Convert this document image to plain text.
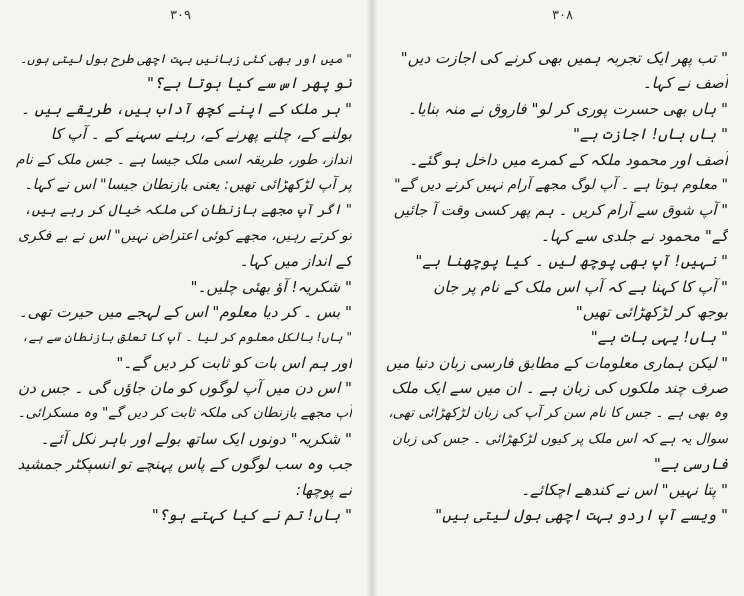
۳۰۹
" میں اور بھی کئی زبانیں بہت اچھی طرح بول لیتی ہوں۔
تو پھر اس سے کیا ہوتا ہے؟"
" ہر ملک کے اپنے کچھ آداب ہیں، طریقے ہیں ۔
بولنے کے، چلنے پھرنے کے، رہنے سہنے کے ۔ آپ کا
انداز، طور، طریقہ اسی ملک جیسا ہے ۔ جس ملک کے نام
پر آپ لڑکھڑائی تھیں: یعنی بازنطان جیسا" اس نے کہا۔
" اگر آپ مجھے بازنطان کی ملکہ خیال کر رہے ہیں،
تو کرتے رہیں، مجھے کوئی اعتراض نہیں" اس نے بے فکری
کے انداز میں کہا۔
" شکریہ! آؤ بھئی چلیں۔"
" بس ۔ کر دیا معلوم" اس کے لہجے میں حیرت تھی۔
" ہاں! بالکل معلوم کر لیا ۔ آپ کا تعلق بازنطان سے ہے،
اور ہم اس بات کو ثابت کر دیں گے۔"
" اس دن میں آپ لوگوں کو مان جاؤں گی ۔ جس دن
آپ مجھے بازنطان کی ملکہ ثابت کر دیں گے" وہ مسکرائی۔
" شکریہ" دونوں ایک ساتھ بولے اور باہر نکل آئے۔
جب وہ سب لوگوں کے پاس پہنچے تو انسپکٹر جمشید
نے پوچھا:
" ہاں! تم نے کیا کہتے ہو؟"
۳۰۸
" تب پھر ایک تجربہ ہمیں بھی کرنے کی اجازت دیں"
آصف نے کہا۔
" ہاں بھی حسرت پوری کر لو" فاروق نے منہ بنایا۔
" ہاں ہاں! اجازت ہے"
آصف اور محمود ملکہ کے کمرے میں داخل ہو گئے۔
" معلوم ہوتا ہے ۔ آپ لوگ مجھے آرام نہیں کرنے دیں گے"
" آپ شوق سے آرام کریں ۔ ہم پھر کسی وقت آ جائیں
گے" محمود نے جلدی سے کہا۔
" نہیں! آپ بھی پوچھ لیں ۔ کیا پوچھنا ہے"
" آپ کا کہنا ہے کہ آپ اس ملک کے نام پر جان
بوجھ کر لڑکھڑائی تھیں"
" ہاں! یہی بات ہے"
" لیکن ہماری معلومات کے مطابق فارسی زبان دنیا میں
صرف چند ملکوں کی زبان ہے ۔ ان میں سے ایک ملک
وہ بھی ہے ۔ جس کا نام سن کر آپ کی زبان لڑکھڑائی تھی،
سوال یہ ہے کہ اس ملک پر کیوں لڑکھڑائی ۔ جس کی زبان
فارسی ہے"
" پتا نہیں" اس نے کندھے اچکائے۔
" ویسے آپ اردو بہت اچھی بول لیتی ہیں"
